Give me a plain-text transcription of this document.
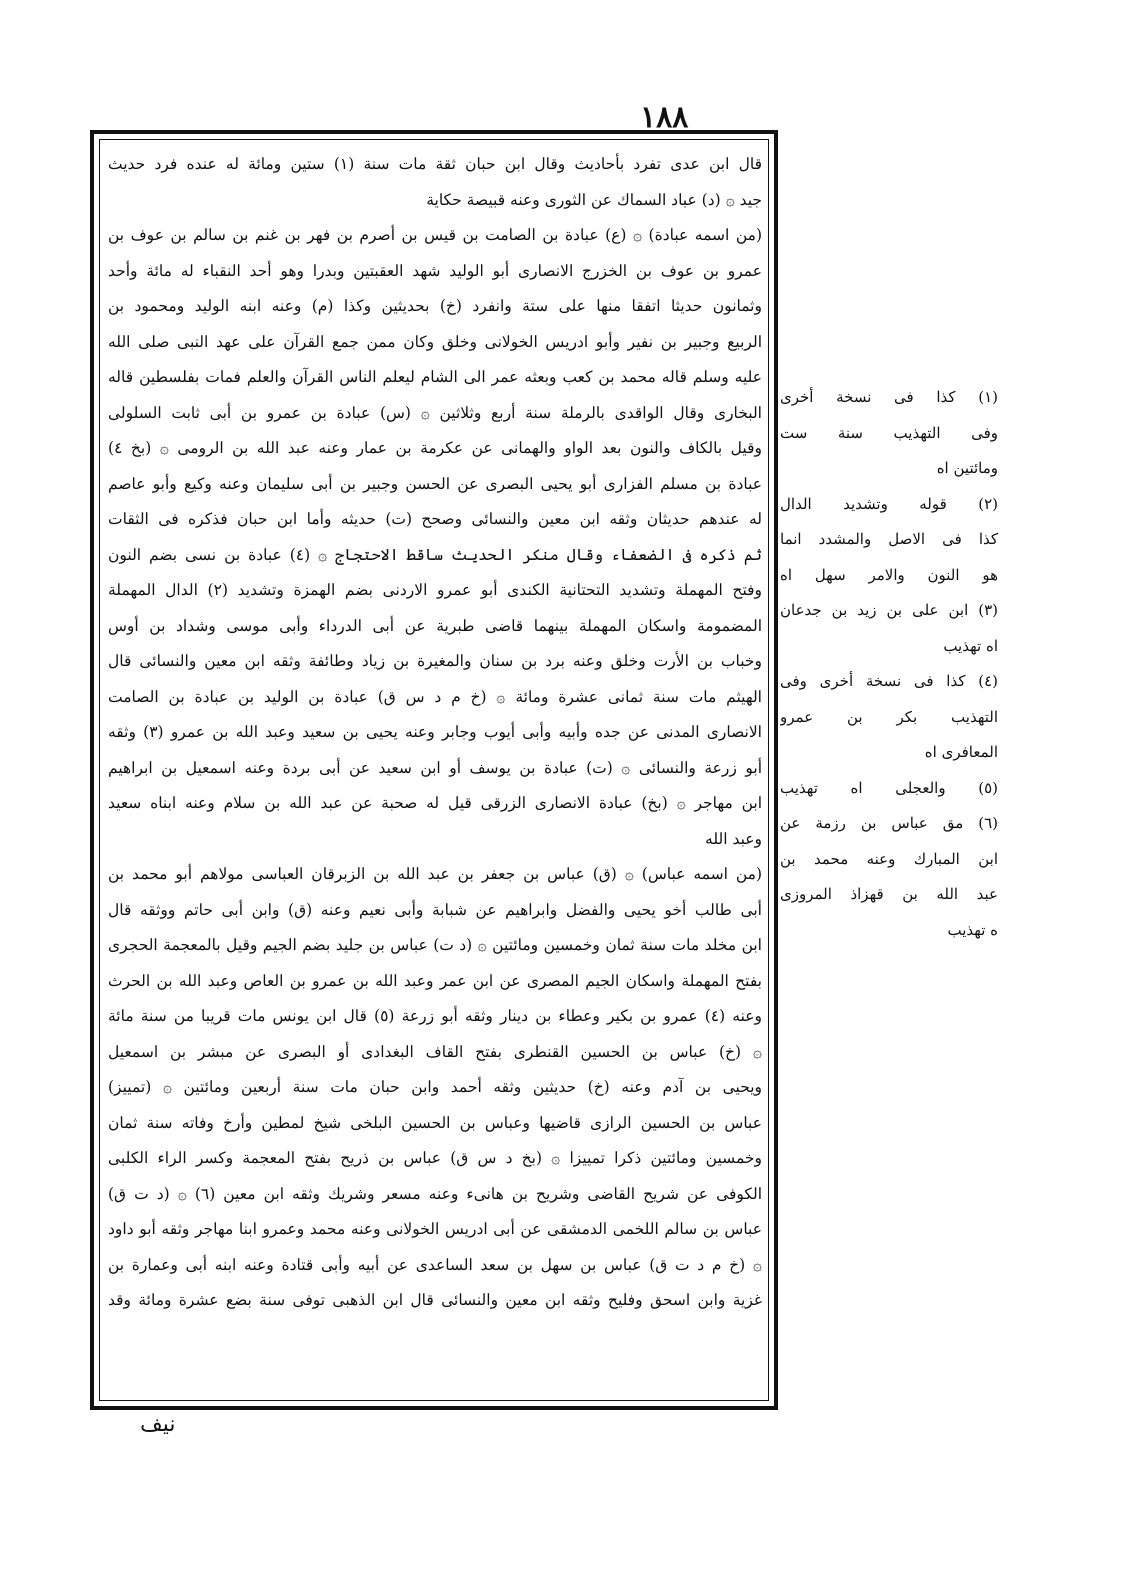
١٨٨
قال ابن عدى تفرد بأحاديث وقال ابن حبان ثقة مات سنة (١) ستين ومائة له عنده فرد حديث
جيد ۞ (د) عباد السماك عن الثورى وعنه قبيصة حكاية
(من اسمه عبادة) ۞ (ع) عبادة بن الصامت بن قيس بن أصرم بن فهر بن غنم بن سالم بن عوف بن
عمرو بن عوف بن الخزرج الانصارى أبو الوليد شهد العقبتين وبدرا وهو أحد النقباء له مائة وأحد
وثمانون حديثا اتفقا منها على ستة وانفرد (خ) بحديثين وكذا (م) وعنه ابنه الوليد ومحمود بن
الربيع وجبير بن نفير وأبو ادريس الخولانى وخلق وكان ممن جمع القرآن على عهد النبى صلى الله
عليه وسلم قاله محمد بن كعب وبعثه عمر الى الشام ليعلم الناس القرآن والعلم فمات بفلسطين قاله
البخارى وقال الواقدى بالرملة سنة أربع وثلاثين ۞ (س) عبادة بن عمرو بن أبى ثابت السلولى
وقيل بالكاف والنون بعد الواو والهمانى عن عكرمة بن عمار وعنه عبد الله بن الرومى ۞ (بخ ٤)
عبادة بن مسلم الفزارى أبو يحيى البصرى عن الحسن وجبير بن أبى سليمان وعنه وكيع وأبو عاصم
له عندهم حديثان وثقه ابن معين والنسائى وصحح (ت) حديثه وأما ابن حبان فذكره فى الثقات
ثم ذكره فى الضعفاء وقال منكر الحديث ساقط الاحتجاج ۞ (٤) عبادة بن نسى بضم النون
وفتح المهملة وتشديد التحتانية الكندى أبو عمرو الاردنى بضم الهمزة وتشديد (٢) الدال المهملة
المضمومة واسكان المهملة بينهما قاضى طبرية عن أبى الدرداء وأبى موسى وشداد بن أوس
وخباب بن الأرت وخلق وعنه برد بن سنان والمغيرة بن زياد وطائفة وثقه ابن معين والنسائى قال
الهيثم مات سنة ثمانى عشرة ومائة ۞ (خ م د س ق) عبادة بن الوليد بن عبادة بن الصامت
الانصارى المدنى عن جده وأبيه وأبى أيوب وجابر وعنه يحيى بن سعيد وعبد الله بن عمرو (٣) وثقه
أبو زرعة والنسائى ۞ (ت) عبادة بن يوسف أو ابن سعيد عن أبى بردة وعنه اسمعيل بن ابراهيم
ابن مهاجر ۞ (بخ) عبادة الانصارى الزرقى قيل له صحبة عن عبد الله بن سلام وعنه ابناه سعيد
وعبد الله
(من اسمه عباس) ۞ (ق) عباس بن جعفر بن عبد الله بن الزبرقان العباسى مولاهم أبو محمد بن
أبى طالب أخو يحيى والفضل وابراهيم عن شبابة وأبى نعيم وعنه (ق) وابن أبى حاتم ووثقه قال
ابن مخلد مات سنة ثمان وخمسين ومائتين ۞ (د ت) عباس بن جليد بضم الجيم وقيل بالمعجمة الحجرى
بفتح المهملة واسكان الجيم المصرى عن ابن عمر وعبد الله بن عمرو بن العاص وعبد الله بن الحرث
وعنه (٤) عمرو بن بكير وعطاء بن دينار وثقه أبو زرعة (٥) قال ابن يونس مات قريبا من سنة مائة
۞ (خ) عباس بن الحسين القنطرى بفتح القاف البغدادى أو البصرى عن مبشر بن اسمعيل
ويحيى بن آدم وعنه (خ) حديثين وثقه أحمد وابن حبان مات سنة أربعين ومائتين ۞ (تمييز)
عباس بن الحسين الرازى قاضيها وعباس بن الحسين البلخى شيخ لمطين وأرخ وفاته سنة ثمان
وخمسين ومائتين ذكرا تمييزا ۞ (بخ د س ق) عباس بن ذريح بفتح المعجمة وكسر الراء الكلبى
الكوفى عن شريح القاضى وشريح بن هانىء وعنه مسعر وشريك وثقه ابن معين (٦) ۞ (د ت ق)
عباس بن سالم اللخمى الدمشقى عن أبى ادريس الخولانى وعنه محمد وعمرو ابنا مهاجر وثقه أبو داود
۞ (خ م د ت ق) عباس بن سهل بن سعد الساعدى عن أبيه وأبى قتادة وعنه ابنه أبى وعمارة بن
غزية وابن اسحق وفليح وثقه ابن معين والنسائى قال ابن الذهبى توفى سنة بضع عشرة ومائة وقد
(١) كذا فى نسخة أخرى
وفى التهذيب سنة ست
ومائتين اه
(٢) قوله وتشديد الدال
كذا فى الاصل والمشدد انما
هو النون والامر سهل اه
(٣) ابن على بن زيد بن جدعان
اه تهذيب
(٤) كذا فى نسخة أخرى وفى
التهذيب بكر بن عمرو
المعافرى اه
(٥) والعجلى اه تهذيب
(٦) مق عباس بن رزمة عن
ابن المبارك وعنه محمد بن
عبد الله بن قهزاذ المروزى
ه تهذيب
نيف
